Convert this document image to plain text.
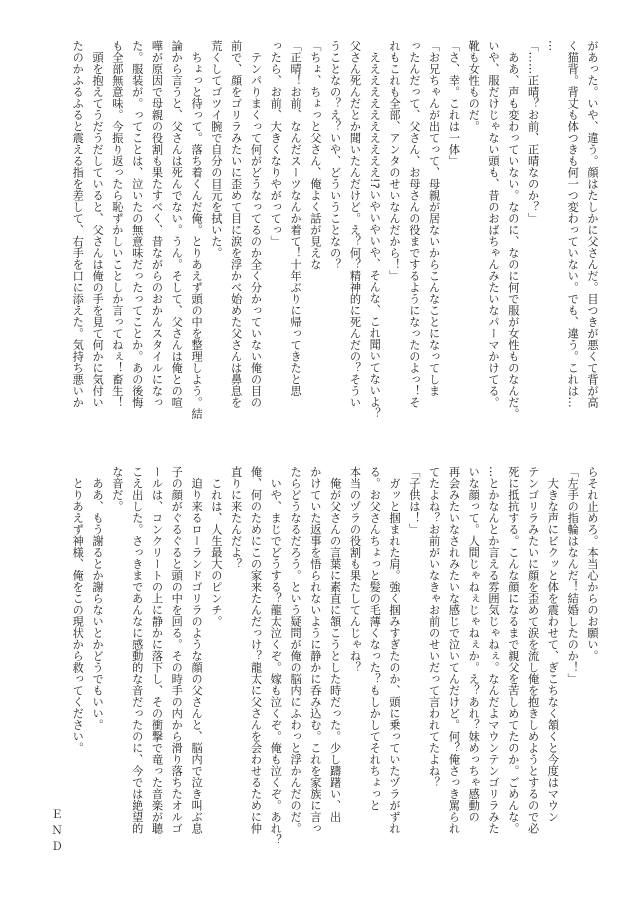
があった。いや、違う。顔はたしかに父さんだ。目つきが悪くて背が高

く猫背。背丈も体つきも何一つ変わっていない。でも、違う。これは…

…

「……正晴？お前、正晴なのか？」

　ああ、声も変わっていない。なのに、なのに何で服が女性ものなんだ。

いや、服だけじゃない頭も、昔のおばちゃんみたいなパーマかけてる。

靴も女性ものだ。

「さ、幸。これは一体」

「お兄ちゃんが出てって、母親が居ないからこんなことになってしま

ったんだって、父さん、お母さんの役までするようになったのよっ！そ

れもこれも全部、アンタのせいなんだから！」

　えええええええええええ!?いやいやいや、そんな、これ聞いてないよ？

父さん死んだとか聞いたんだけど。え？何？精神的に死んだの？そうい

うことなの？え？いや、どういうことなの？

「ちょ、ちょっと父さん、俺よく話が見えな

「正晴！お前、なんだスーツなんか着て！十年ぶりに帰ってきたと思

ったら、お前、大きくなりやがってっ」

　テンパりまくって何がどうなってるのか全く分かっていない俺の目の

前で、顔をゴリラみたいに歪めて目に涙を浮かべ始めた父さんは鼻息を

荒くしてゴツイ腕で自分の目元を拭いた。

　ちょっと待って。落ち着くんだ俺。とりあえず頭の中を整理しよう。結

論から言うと、父さんは死んでない。うん。そして、父さんは俺との喧

嘩が原因で母親の役割も果たすべく、昔ながらのおかんスタイルになっ

た。服装が。ってことは、泣いたの無意味だったってことか。あの後悔

も全部無意味。今振り返ったら恥ずかしいことしか言ってねぇ！畜生！

　頭を抱えてうだうだしていると、父さんは俺の手を見て何かに気付い

たのかふるふると震える指を差して、右手を口に添えた。気持ち悪いか

らそれ止めろ。本当心からのお願い。

「左手の指輪はなんだ！結婚したのか！」

　大きな声にビクッと体を震わせて、ぎこちなく頷くと今度はマウン

テンゴリラみたいに顔を歪めて涙を流し俺を抱きしめようとするので必

死に抵抗する。こんな顔になるまで親父を苦しめてたのか。ごめんな。

…とかなんとか言える雰囲気じゃねぇ。なんだよマウンテンゴリラみた

いな顔って。人間じゃねぇじゃねぇか。え？あれ？妹めっちゃ感動の

再会みたいなされみたいな感じで泣いてんだけど。何？俺さっき罵られ

てたよね？お前がいなきゃお前のせいだって言われてたよね？

「子供は！」

　ガッと掴まれた肩。強く掴みすぎたのか、頭に乗っていたヅラがずれ

る。お父さんちょっと髪の毛薄くなった？もしかしてそれちょっと

本当のヅラの役割も果たしてんじゃね？

　俺が父さんの言葉に素直に頷こうとした時だった。少し躊躇い、出

かけていた返事を悟られないように静かに呑み込む。これを家族に言っ

たらどうなるだろう。という疑問が俺の脳内にふわっと浮かんだのだ。

　いや、まじでどうする？龍太泣くぞ。嫁も泣くぞ。俺も泣くぞ。あれ？

俺、何のためにこの家来たんだっけ？龍太に父さんを会わせるために仲

直りに来たんだよ？

　これは、人生最大のピンチ。

　迫り来るローランドゴリラのような顔の父さんと、脳内で泣き叫ぶ息

子の顔がぐるぐると頭の中を回る。その時手の内から滑り落ちたオルゴ

ールは、コンクリートの上に静かに落下し、その衝撃で竜った音楽が聴

こえ出した。さっきまであんなに感動的な音だったのに、今では絶望的

な音だ。

　ああ、もう謝るとか謝らないとかどうでもいい。

　とりあえず神様、俺をこの現状から救ってください。

ＥＮＤ
